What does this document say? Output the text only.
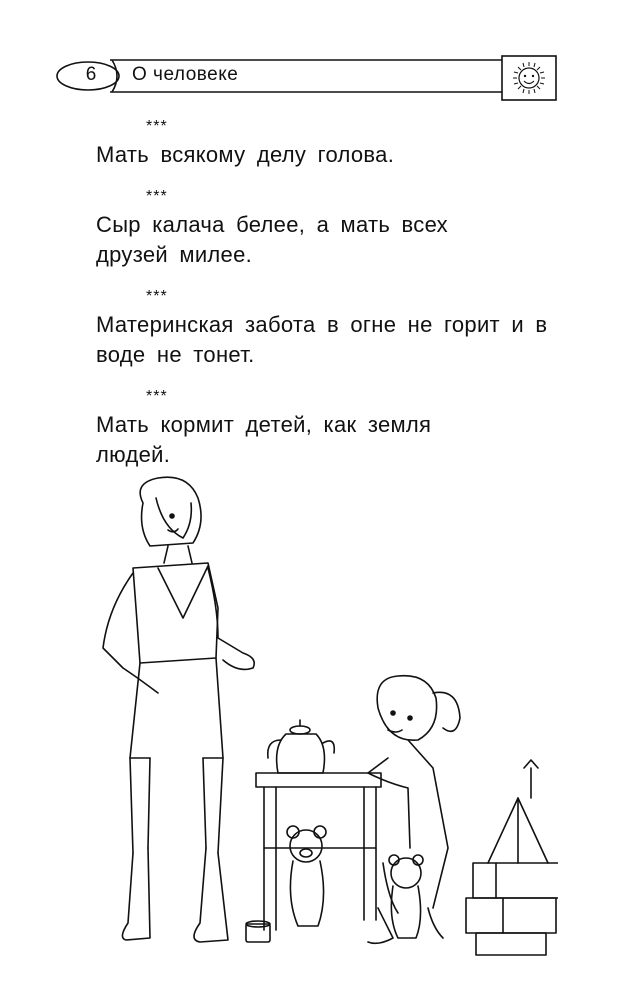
6	О человеке
***

Мать всякому делу голова.

***

Сыр калача белее, а мать всех друзей милее.

***

Материнская забота в огне не горит и в воде не тонет.

***

Мать кормит детей, как земля людей.
